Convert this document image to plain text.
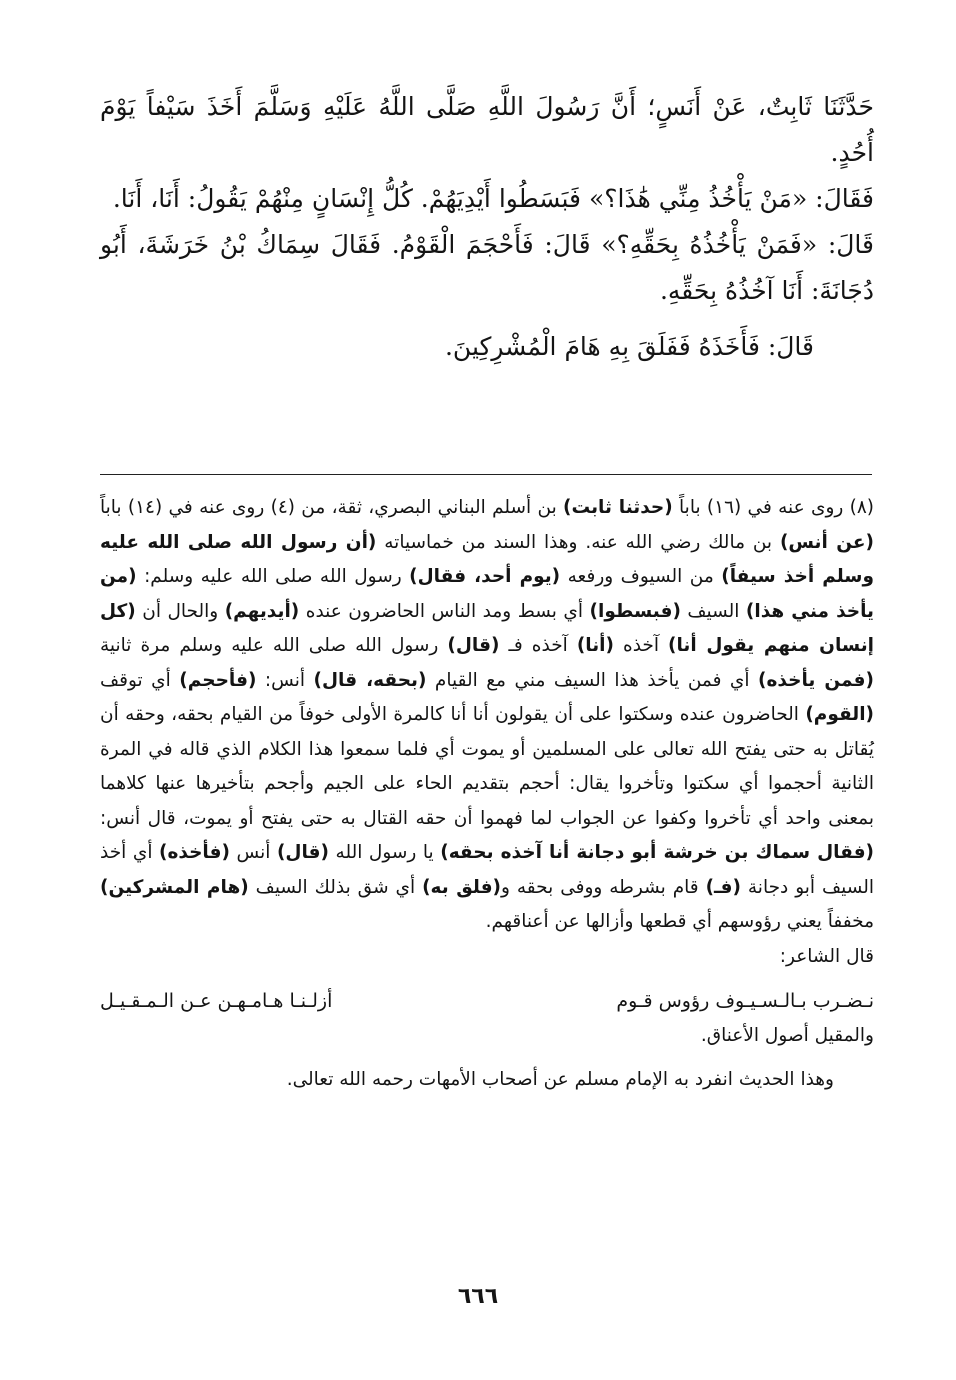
حَدَّثَنَا ثَابِتٌ، عَنْ أَنَسٍ؛ أَنَّ رَسُولَ اللَّهِ صَلَّى اللَّهُ عَلَيْهِ وَسَلَّمَ أَخَذَ سَيْفاً يَوْمَ أُحُدٍ.

فَقَالَ: «مَنْ يَأْخُذُ مِنِّي هَٰذَا؟» فَبَسَطُوا أَيْدِيَهُمْ. كُلُّ إِنْسَانٍ مِنْهُمْ يَقُولُ: أَنَا، أَنَا.

قَالَ: «فَمَنْ يَأْخُذُهُ بِحَقِّهِ؟» قَالَ: فَأَحْجَمَ الْقَوْمُ. فَقَالَ سِمَاكُ بْنُ خَرَشَةَ، أَبُو دُجَانَةَ: أَنَا آخُذُهُ بِحَقِّهِ.

قَالَ: فَأَخَذَهُ فَفَلَقَ بِهِ هَامَ الْمُشْرِكِينَ.

(٨) روى عنه في (١٦) باباً (حدثنا ثابت) بن أسلم البناني البصري، ثقة، من (٤) روى عنه في (١٤) باباً (عن أنس) بن مالك رضي الله عنه. وهذا السند من خماسياته (أن رسول الله صلى الله عليه وسلم أخذ سيفاً) من السيوف ورفعه (يوم أحد، فقال) رسول الله صلى الله عليه وسلم: (من يأخذ مني هذا) السيف (فبسطوا) أي بسط ومد الناس الحاضرون عنده (أيديهم) والحال أن (كل إنسان منهم يقول أنا) آخذه (أنا) آخذه فـ (قال) رسول الله صلى الله عليه وسلم مرة ثانية (فمن يأخذه) أي فمن يأخذ هذا السيف مني مع القيام (بحقه، قال) أنس: (فأحجم) أي توقف (القوم) الحاضرون عنده وسكتوا على أن يقولون أنا أنا كالمرة الأولى خوفاً من القيام بحقه، وحقه أن يُقاتل به حتى يفتح الله تعالى على المسلمين أو يموت أي فلما سمعوا هذا الكلام الذي قاله في المرة الثانية أحجموا أي سكتوا وتأخروا يقال: أحجم بتقديم الحاء على الجيم وأجحم بتأخيرها عنها كلاهما بمعنى واحد أي تأخروا وكفوا عن الجواب لما فهموا أن حقه القتال به حتى يفتح أو يموت، قال أنس: (فقال سماك بن خرشة أبو دجانة أنا آخذه بحقه) يا رسول الله (قال) أنس (فأخذه) أي أخذ السيف أبو دجانة (فـ) قام بشرطه ووفى بحقه و(فلق به) أي شق بذلك السيف (هام المشركين) مخففاً يعني رؤوسهم أي قطعها وأزالها عن أعناقهم.

قال الشاعر:

نـضـرب بـالـسـيـوف رؤوس قـوم
أزلـنـا هـامـهـن عـن الـمـقـيـل

والمقيل أصول الأعناق.

وهذا الحديث انفرد به الإمام مسلم عن أصحاب الأمهات رحمه الله تعالى.

٦٦٦
